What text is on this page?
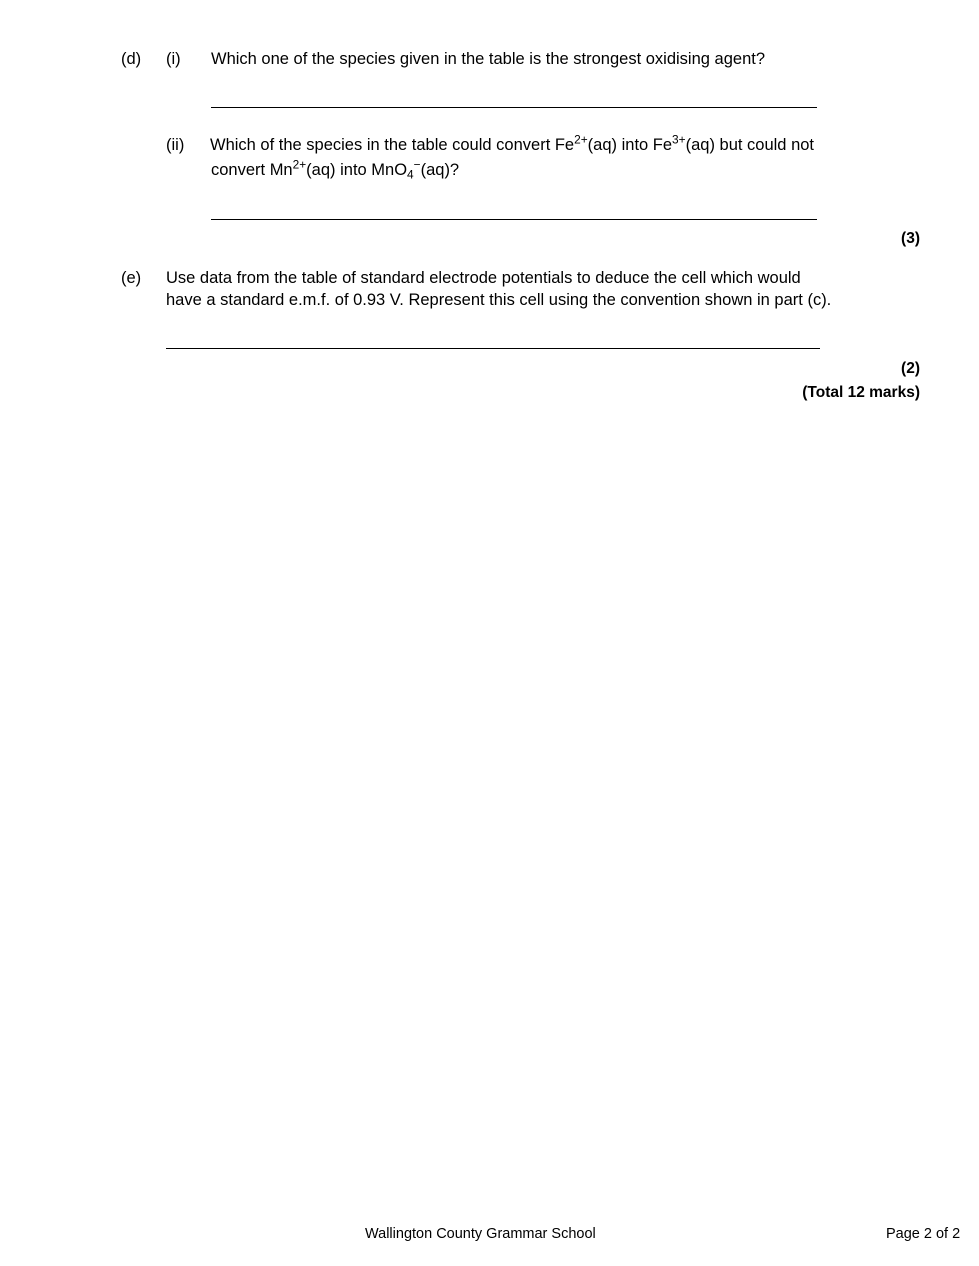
(d) (i) Which one of the species given in the table is the strongest oxidising agent?
(ii) Which of the species in the table could convert $Fe^{2+}(aq)$ into $Fe^{3+}(aq)$ but could not
convert $Mn^{2+}(aq)$ into MnO$_4$−(aq)?
(3)
(e) Use data from the table of standard electrode potentials to deduce the cell which would
have a standard e.m.f. of 0.93 V. Represent this cell using the convention shown in part (c).
(2)
(Total 12 marks)
Wallington County Grammar School	Page 2 of 2
